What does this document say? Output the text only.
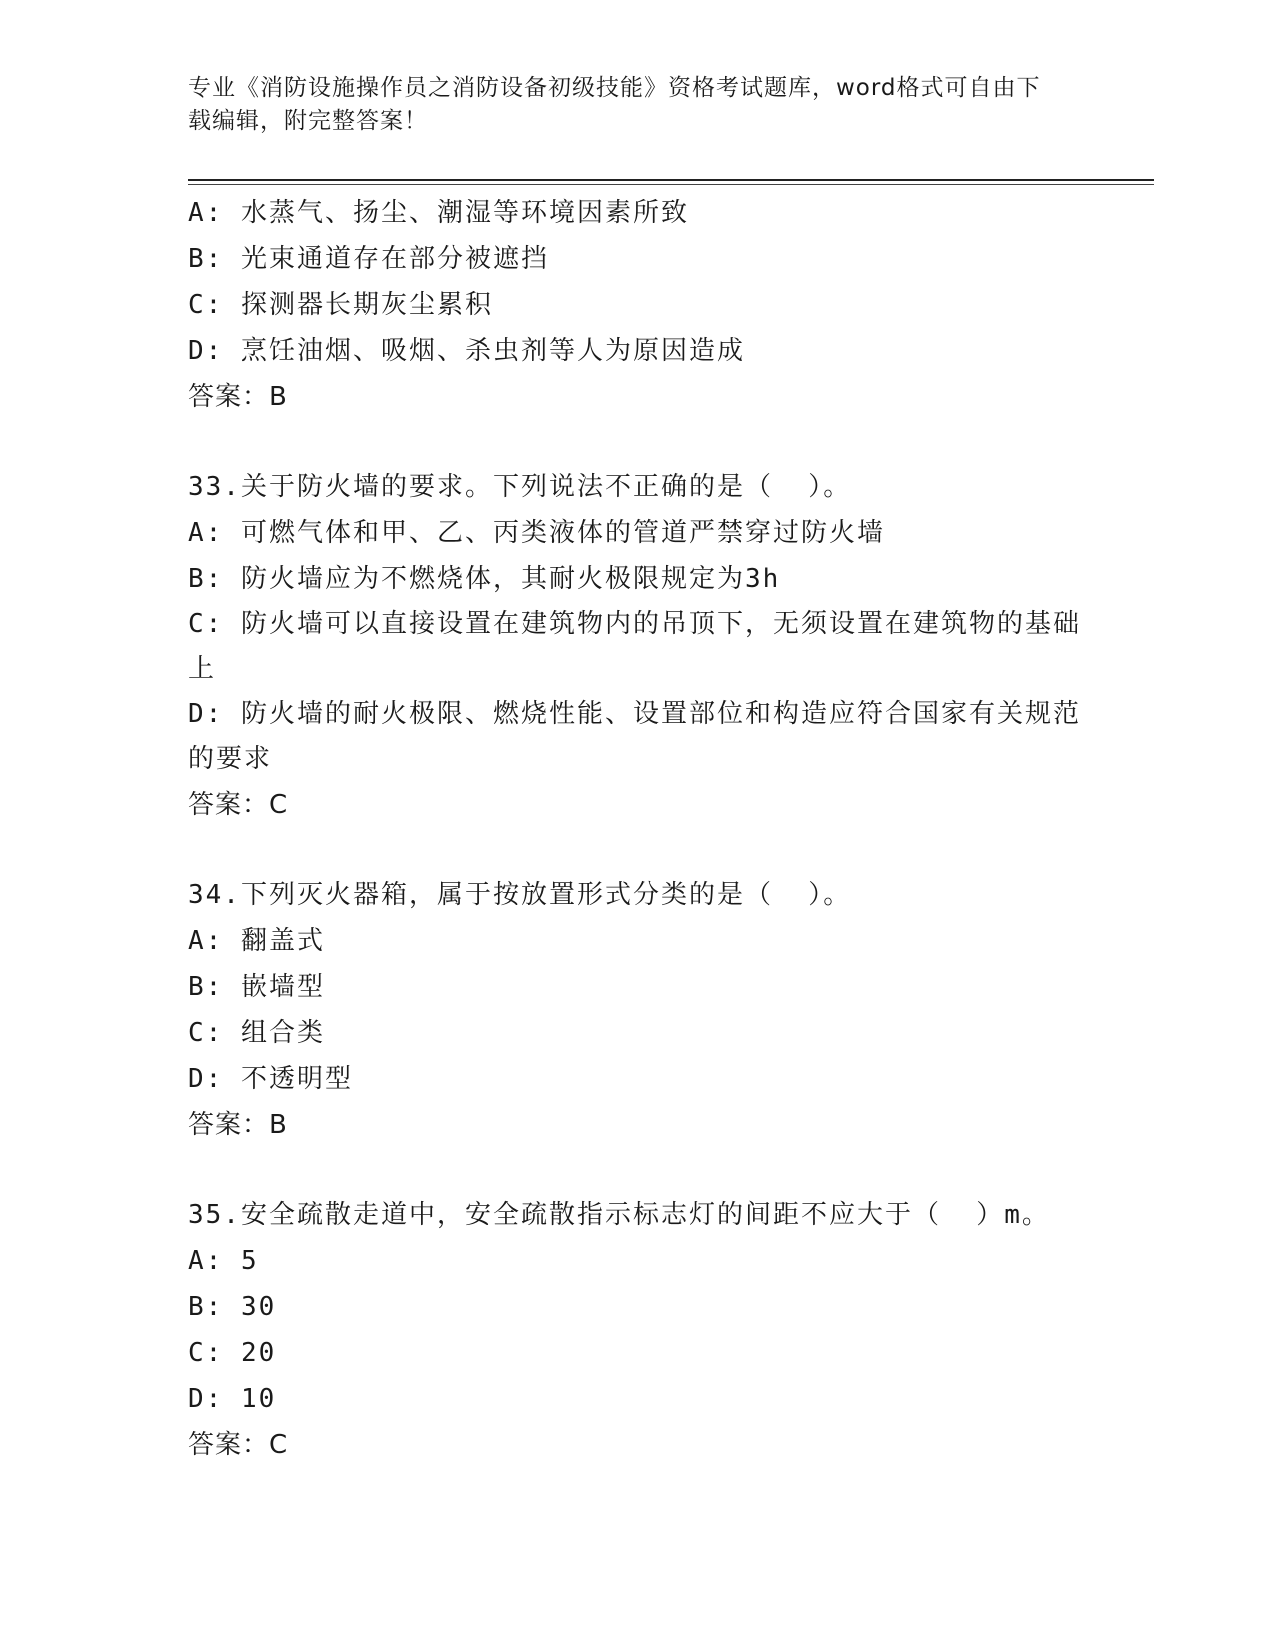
专业《消防设施操作员之消防设备初级技能》资格考试题库，word格式可自由下
载编辑，附完整答案！

A: 水蒸气、扬尘、潮湿等环境因素所致

B: 光束通道存在部分被遮挡

C: 探测器长期灰尘累积

D: 烹饪油烟、吸烟、杀虫剂等人为原因造成

答案：B

33.关于防火墙的要求。下列说法不正确的是（  ）。

A: 可燃气体和甲、乙、丙类液体的管道严禁穿过防火墙

B: 防火墙应为不燃烧体，其耐火极限规定为3h

C: 防火墙可以直接设置在建筑物内的吊顶下，无须设置在建筑物的基础上

D: 防火墙的耐火极限、燃烧性能、设置部位和构造应符合国家有关规范的要求

答案：C

34.下列灭火器箱，属于按放置形式分类的是（  ）。

A: 翻盖式

B: 嵌墙型

C: 组合类

D: 不透明型

答案：B

35.安全疏散走道中，安全疏散指示标志灯的间距不应大于（  ）m。

A: 5

B: 30

C: 20

D: 10

答案：C
